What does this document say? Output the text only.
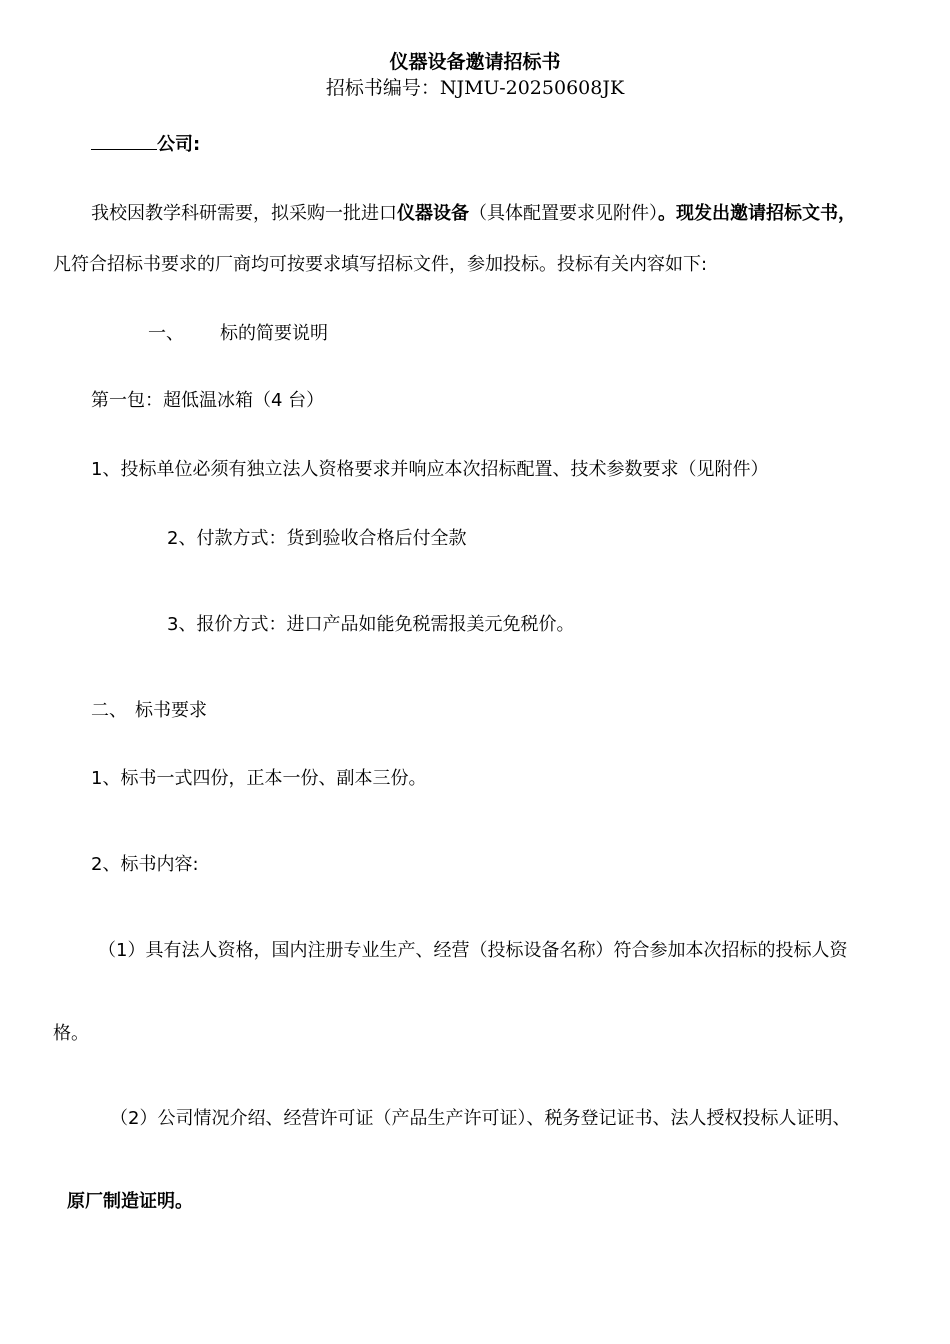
仪器设备邀请招标书
招标书编号：NJMU-20250608JK
公司:
我校因教学科研需要，拟采购一批进口仪器设备（具体配置要求见附件）。现发出邀请招标文书，
凡符合招标书要求的厂商均可按要求填写招标文件，参加投标。投标有关内容如下:
一、 标的简要说明
第一包：超低温冰箱（4 台）
1、投标单位必须有独立法人资格要求并响应本次招标配置、技术参数要求（见附件）
2、付款方式：货到验收合格后付全款
3、报价方式：进口产品如能免税需报美元免税价。
二、 标书要求
1、标书一式四份，正本一份、副本三份。
2、标书内容:
（1）具有法人资格，国内注册专业生产、经营（投标设备名称）符合参加本次招标的投标人资
格。
（2）公司情况介绍、经营许可证（产品生产许可证）、税务登记证书、法人授权投标人证明、
原厂制造证明。
